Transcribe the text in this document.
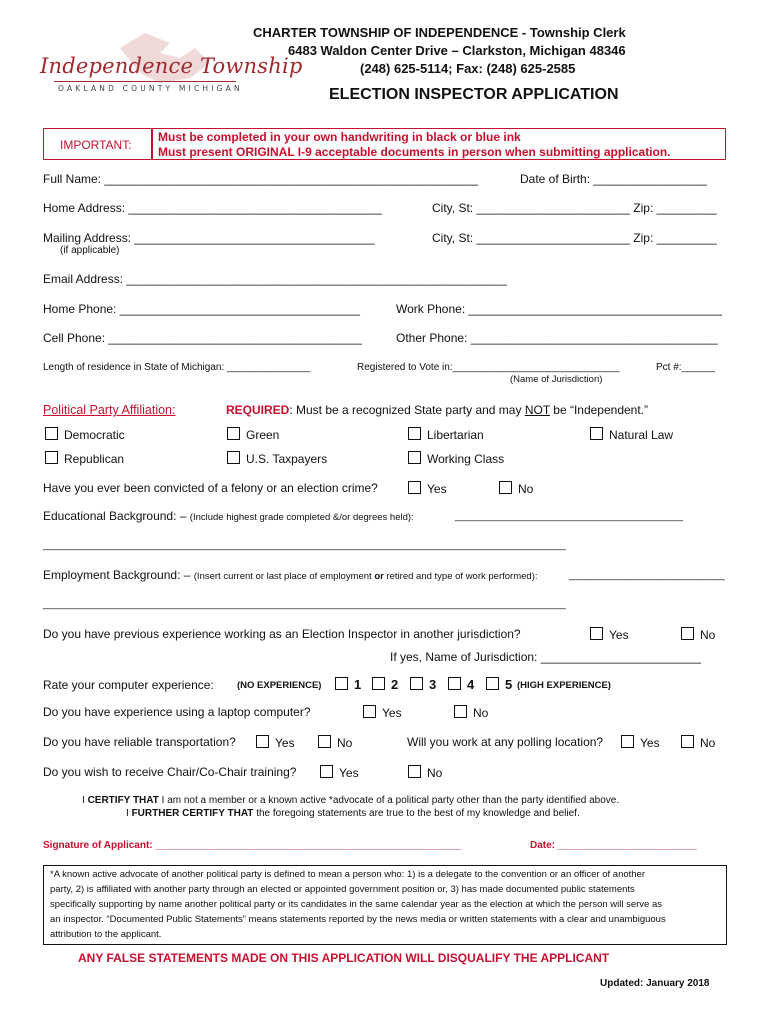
Independence Township
OAKLAND COUNTY MICHIGAN
CHARTER TOWNSHIP OF INDEPENDENCE - Township Clerk
6483 Waldon Center Drive – Clarkston, Michigan 48346
(248) 625-5114; Fax: (248) 625-2585
ELECTION INSPECTOR APPLICATION
IMPORTANT:
Must be completed in your own handwriting in black or blue ink
Must present ORIGINAL I-9 acceptable documents in person when submitting application.
Full Name: ________________________________________________________	Date of Birth: _________________
Home Address: ______________________________________	City, St: _______________________ Zip: _________
Mailing Address: ____________________________________	City, St: _______________________ Zip: _________
(if applicable)
Email Address: _________________________________________________________
Home Phone: ____________________________________	Work Phone: ______________________________________
Cell Phone: ______________________________________	Other Phone: _____________________________________
Length of residence in State of Michigan: _______________	Registered to Vote in:______________________________	Pct #:______
(Name of Jurisdiction)
Political Party Affiliation:	REQUIRED: Must be a recognized State party and may NOT be “Independent.”
Democratic	Green	Libertarian	Natural Law
Republican	U.S. Taxpayers	Working Class
Have you ever been convicted of a felony or an election crime?	Yes	No
Educational Background: – (Include highest grade completed &/or degrees held):	_________________________________________
______________________________________________________________________________________________
Employment Background: – (Insert current or last place of employment or retired and type of work performed):	____________________________
______________________________________________________________________________________________
Do you have previous experience working as an Election Inspector in another jurisdiction?	Yes	No
If yes, Name of Jurisdiction: ________________________
Rate your computer experience: (NO EXPERIENCE)	1	2	3	4	5 (HIGH EXPERIENCE)
Do you have experience using a laptop computer?	Yes	No
Do you have reliable transportation?	Yes	No	Will you work at any polling location?	Yes	No
Do you wish to receive Chair/Co-Chair training?	Yes	No
I CERTIFY THAT I am not a member or a known active *advocate of a political party other than the party identified above.
I FURTHER CERTIFY THAT the foregoing statements are true to the best of my knowledge and belief.
Signature of Applicant: _______________________________________________________	Date: _________________________
*A known active advocate of another political party is defined to mean a person who: 1) is a delegate to the convention or an officer of another
party, 2) is affiliated with another party through an elected or appointed government position or, 3) has made documented public statements
specifically supporting by name another political party or its candidates in the same calendar year as the election at which the person will serve as
an inspector. “Documented Public Statements” means statements reported by the news media or written statements with a clear and unambiguous
attribution to the applicant.
ANY FALSE STATEMENTS MADE ON THIS APPLICATION WILL DISQUALIFY THE APPLICANT
Updated: January 2018
